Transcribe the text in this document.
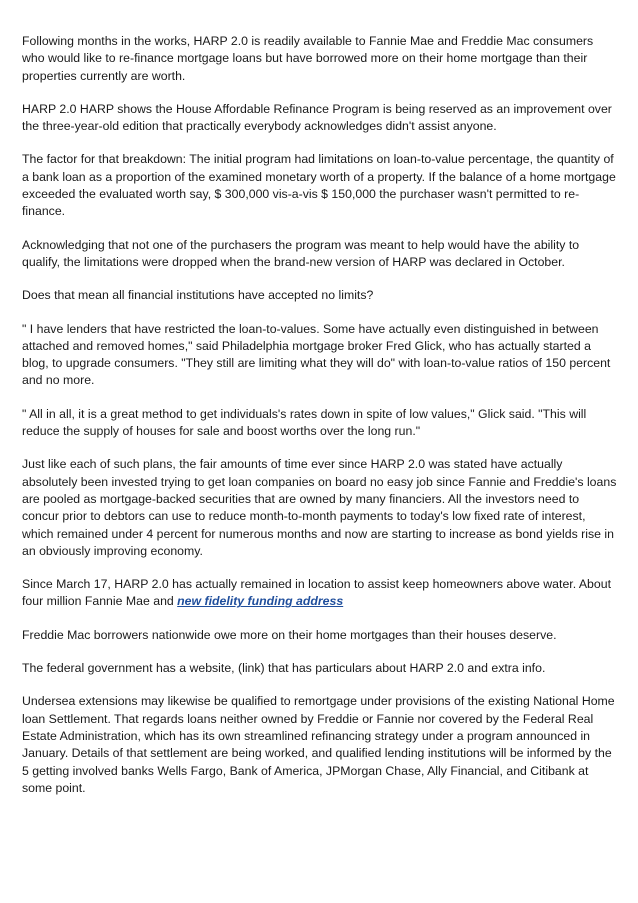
Following months in the works, HARP 2.0 is readily available to Fannie Mae and Freddie Mac consumers who would like to re-finance mortgage loans but have borrowed more on their home mortgage than their properties currently are worth.

HARP 2.0 HARP shows the House Affordable Refinance Program is being reserved as an improvement over the three-year-old edition that practically everybody acknowledges didn't assist anyone.

The factor for that breakdown: The initial program had limitations on loan-to-value percentage, the quantity of a bank loan as a proportion of the examined monetary worth of a property. If the balance of a home mortgage exceeded the evaluated worth say, $ 300,000 vis-a-vis $ 150,000 the purchaser wasn't permitted to re-finance.

Acknowledging that not one of the purchasers the program was meant to help would have the ability to qualify, the limitations were dropped when the brand-new version of HARP was declared in October.

Does that mean all financial institutions have accepted no limits?

" I have lenders that have restricted the loan-to-values. Some have actually even distinguished in between attached and removed homes," said Philadelphia mortgage broker Fred Glick, who has actually started a blog, to upgrade consumers. "They still are limiting what they will do" with loan-to-value ratios of 150 percent and no more.

" All in all, it is a great method to get individuals's rates down in spite of low values," Glick said. "This will reduce the supply of houses for sale and boost worths over the long run."

Just like each of such plans, the fair amounts of time ever since HARP 2.0 was stated have actually absolutely been invested trying to get loan companies on board no easy job since Fannie and Freddie's loans are pooled as mortgage-backed securities that are owned by many financiers. All the investors need to concur prior to debtors can use to reduce month-to-month payments to today's low fixed rate of interest, which remained under 4 percent for numerous months and now are starting to increase as bond yields rise in an obviously improving economy.

Since March 17, HARP 2.0 has actually remained in location to assist keep homeowners above water. About four million Fannie Mae and new fidelity funding address

Freddie Mac borrowers nationwide owe more on their home mortgages than their houses deserve.

The federal government has a website, (link) that has particulars about HARP 2.0 and extra info.

Undersea extensions may likewise be qualified to remortgage under provisions of the existing National Home loan Settlement. That regards loans neither owned by Freddie or Fannie nor covered by the Federal Real Estate Administration, which has its own streamlined refinancing strategy under a program announced in January. Details of that settlement are being worked, and qualified lending institutions will be informed by the 5 getting involved banks Wells Fargo, Bank of America, JPMorgan Chase, Ally Financial, and Citibank at some point.
